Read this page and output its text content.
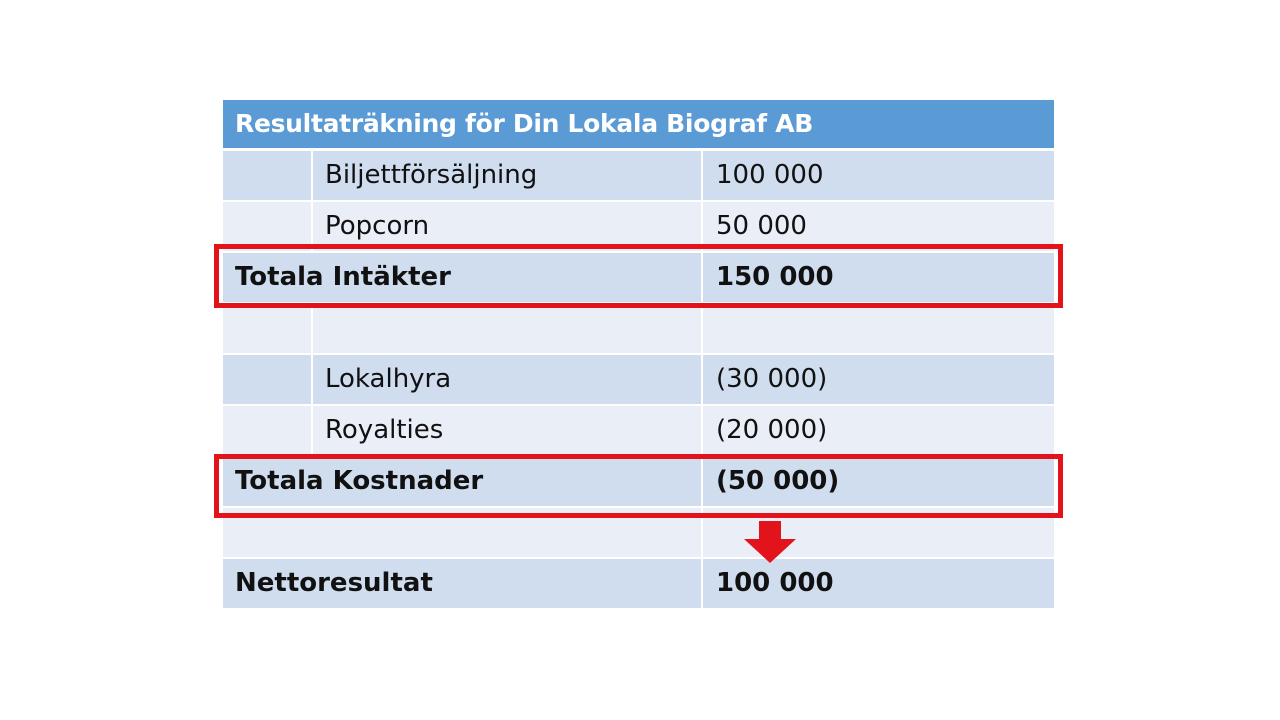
Resultaträkning för Din Lokala Biograf AB
Biljettförsäljning	100 000
Popcorn	50 000
Totala Intäkter	150 000
Lokalhyra	(30 000)
Royalties	(20 000)
Totala Kostnader	(50 000)
Nettoresultat	100 000
